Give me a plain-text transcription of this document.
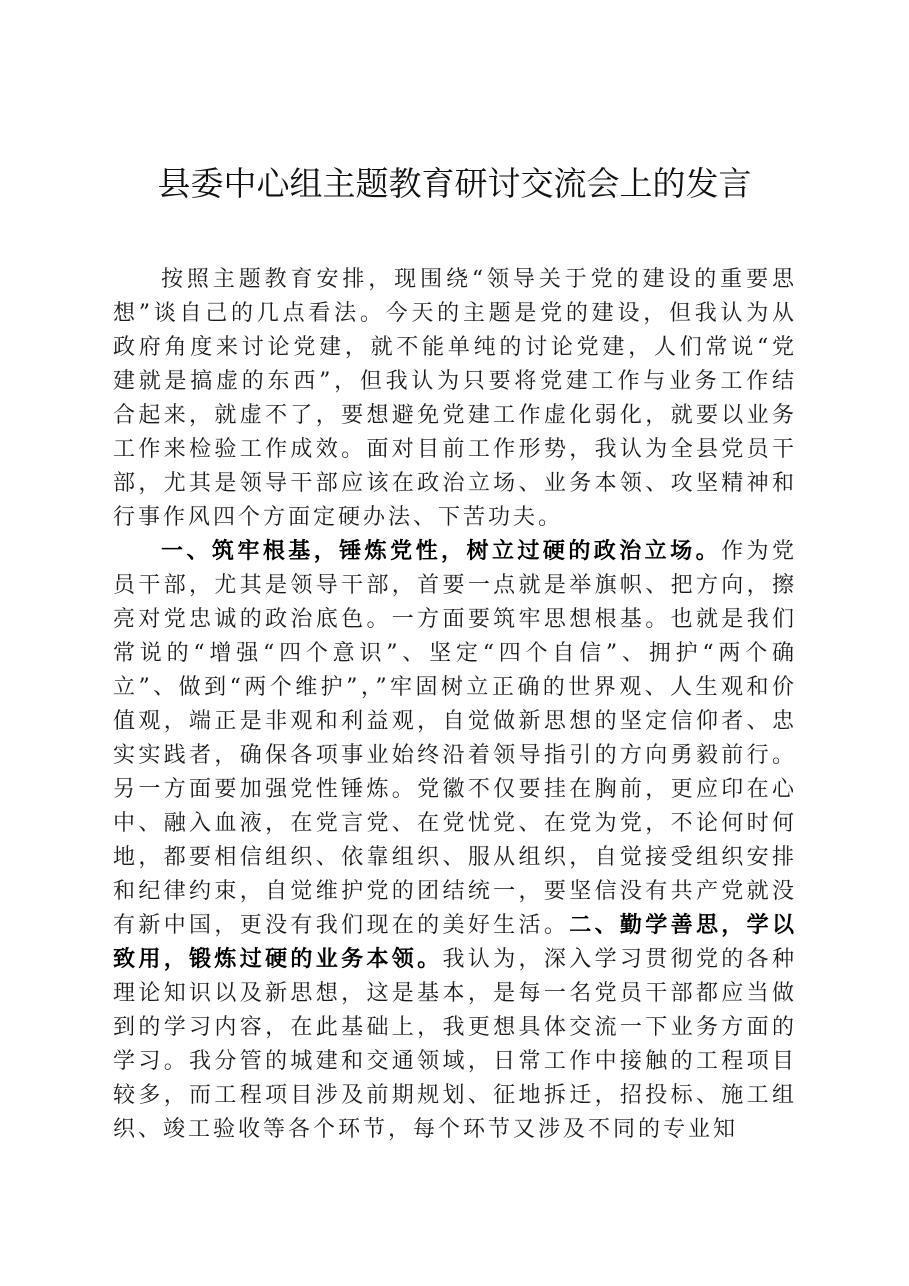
县委中心组主题教育研讨交流会上的发言

按照主题教育安排，现围绕“领导关于党的建设的重要思想”谈自己的几点看法。今天的主题是党的建设，但我认为从政府角度来讨论党建，就不能单纯的讨论党建，人们常说“党建就是搞虚的东西”，但我认为只要将党建工作与业务工作结合起来，就虚不了，要想避免党建工作虚化弱化，就要以业务工作来检验工作成效。面对目前工作形势，我认为全县党员干部，尤其是领导干部应该在政治立场、业务本领、攻坚精神和行事作风四个方面定硬办法、下苦功夫。

一、筑牢根基，锤炼党性，树立过硬的政治立场。作为党员干部，尤其是领导干部，首要一点就是举旗帜、把方向，擦亮对党忠诚的政治底色。一方面要筑牢思想根基。也就是我们常说的“增强“四个意识”、坚定“四个自信”、拥护“两个确立”、做到“两个维护”，”牢固树立正确的世界观、人生观和价值观，端正是非观和利益观，自觉做新思想的坚定信仰者、忠实实践者，确保各项事业始终沿着领导指引的方向勇毅前行。另一方面要加强党性锤炼。党徽不仅要挂在胸前，更应印在心中、融入血液，在党言党、在党忧党、在党为党，不论何时何地，都要相信组织、依靠组织、服从组织，自觉接受组织安排和纪律约束，自觉维护党的团结统一，要坚信没有共产党就没有新中国，更没有我们现在的美好生活。二、勤学善思，学以致用，锻炼过硬的业务本领。我认为，深入学习贯彻党的各种理论知识以及新思想，这是基本，是每一名党员干部都应当做到的学习内容，在此基础上，我更想具体交流一下业务方面的学习。我分管的城建和交通领域，日常工作中接触的工程项目较多，而工程项目涉及前期规划、征地拆迁，招投标、施工组织、竣工验收等各个环节，每个环节又涉及不同的专业知
